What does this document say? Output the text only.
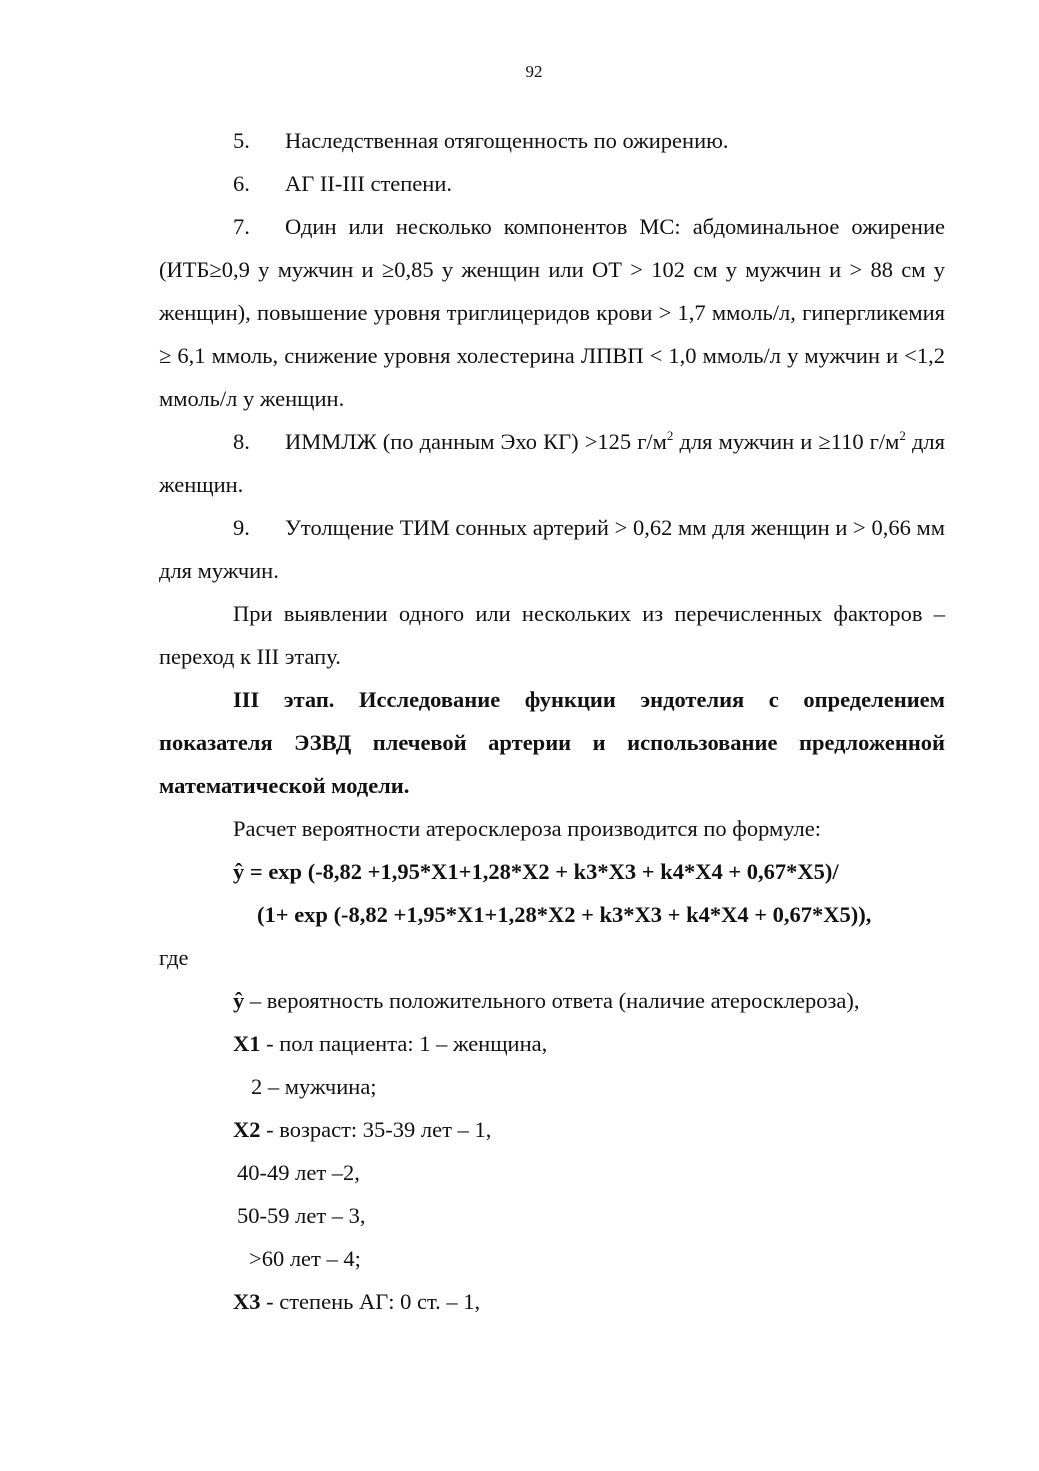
92

5. Наследственная отягощенность по ожирению.

6. АГ II-III степени.

7. Один или несколько компонентов МС: абдоминальное ожирение (ИТБ≥0,9 у мужчин и ≥0,85 у женщин или ОТ > 102 см у мужчин и > 88 см у женщин), повышение уровня триглицеридов крови > 1,7 ммоль/л, гипергликемия ≥ 6,1 ммоль, снижение уровня холестерина ЛПВП < 1,0 ммоль/л у мужчин и <1,2 ммоль/л у женщин.

8. ИММЛЖ (по данным Эхо КГ) >125 $г/м^2$ для мужчин и ≥110 $г/м^2$ для женщин.

9. Утолщение ТИМ сонных артерий > 0,62 мм для женщин и > 0,66 мм для мужчин.

При выявлении одного или нескольких из перечисленных факторов – переход к III этапу.

III этап. Исследование функции эндотелия с определением показателя ЭЗВД плечевой артерии и использование предложенной математической модели.

Расчет вероятности атеросклероза производится по формуле:

ŷ = exp (-8,82 +1,95*X1+1,28*X2 + k3*X3 + k4*X4 + 0,67*X5)/

(1+ exp (-8,82 +1,95*X1+1,28*X2 + k3*X3 + k4*X4 + 0,67*X5)),

где

ŷ – вероятность положительного ответа (наличие атеросклероза),

X1 - пол пациента: 1 – женщина,

2 – мужчина;

X2 - возраст: 35-39 лет – 1,

40-49 лет –2,

50-59 лет – 3,

>60 лет – 4;

X3 - степень АГ: 0 ст. – 1,
